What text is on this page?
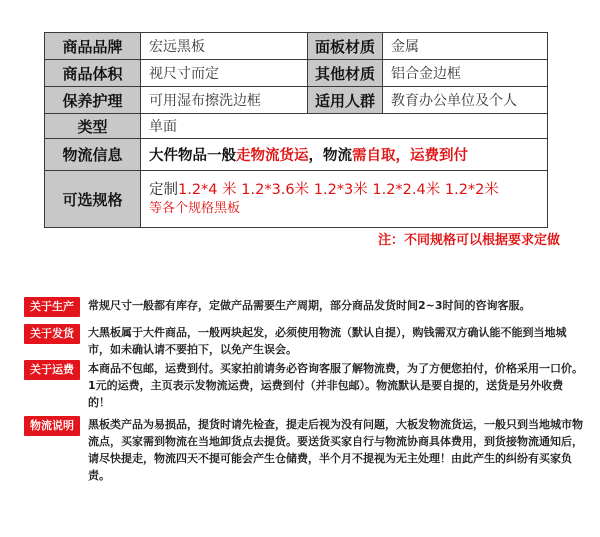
商品品牌	宏远黑板	面板材质	金属
商品体积	视尺寸而定	其他材质	铝合金边框
保养护理	可用湿布擦洗边框	适用人群	教育办公单位及个人
类型	单面		
物流信息	大件物品一般走物流货运，物流需自取，运费到付		
可选规格	定制1.2*4 米 1.2*3.6米 1.2*3米 1.2*2.4米 1.2*2米
等各个规格黑板		
注：不同规格可以根据要求定做
关于生产	常规尺寸一般都有库存，定做产品需要生产周期，部分商品发货时间2~3时间的咨询客服。
关于发货	大黑板属于大件商品，一般两块起发，必须使用物流（默认自提），购钱需双方确认能不能到当地城市，如未确认请不要拍下，以免产生误会。
关于运费	本商品不包邮，运费到付。买家拍前请务必咨询客服了解物流费，为了方便您拍付，价格采用一口价。1元的运费，主页表示发物流运费，运费到付（并非包邮）。物流默认是要自提的，送货是另外收费的！
物流说明	黑板类产品为易损品，提货时请先检查，提走后视为没有问题，大板发物流货运，一般只到当地城市物流点，买家需到物流在当地卸货点去提货。要送货买家自行与物流协商具体费用，到货接物流通知后，请尽快提走，物流四天不提可能会产生仓储费，半个月不提视为无主处理！由此产生的纠纷有买家负责。
